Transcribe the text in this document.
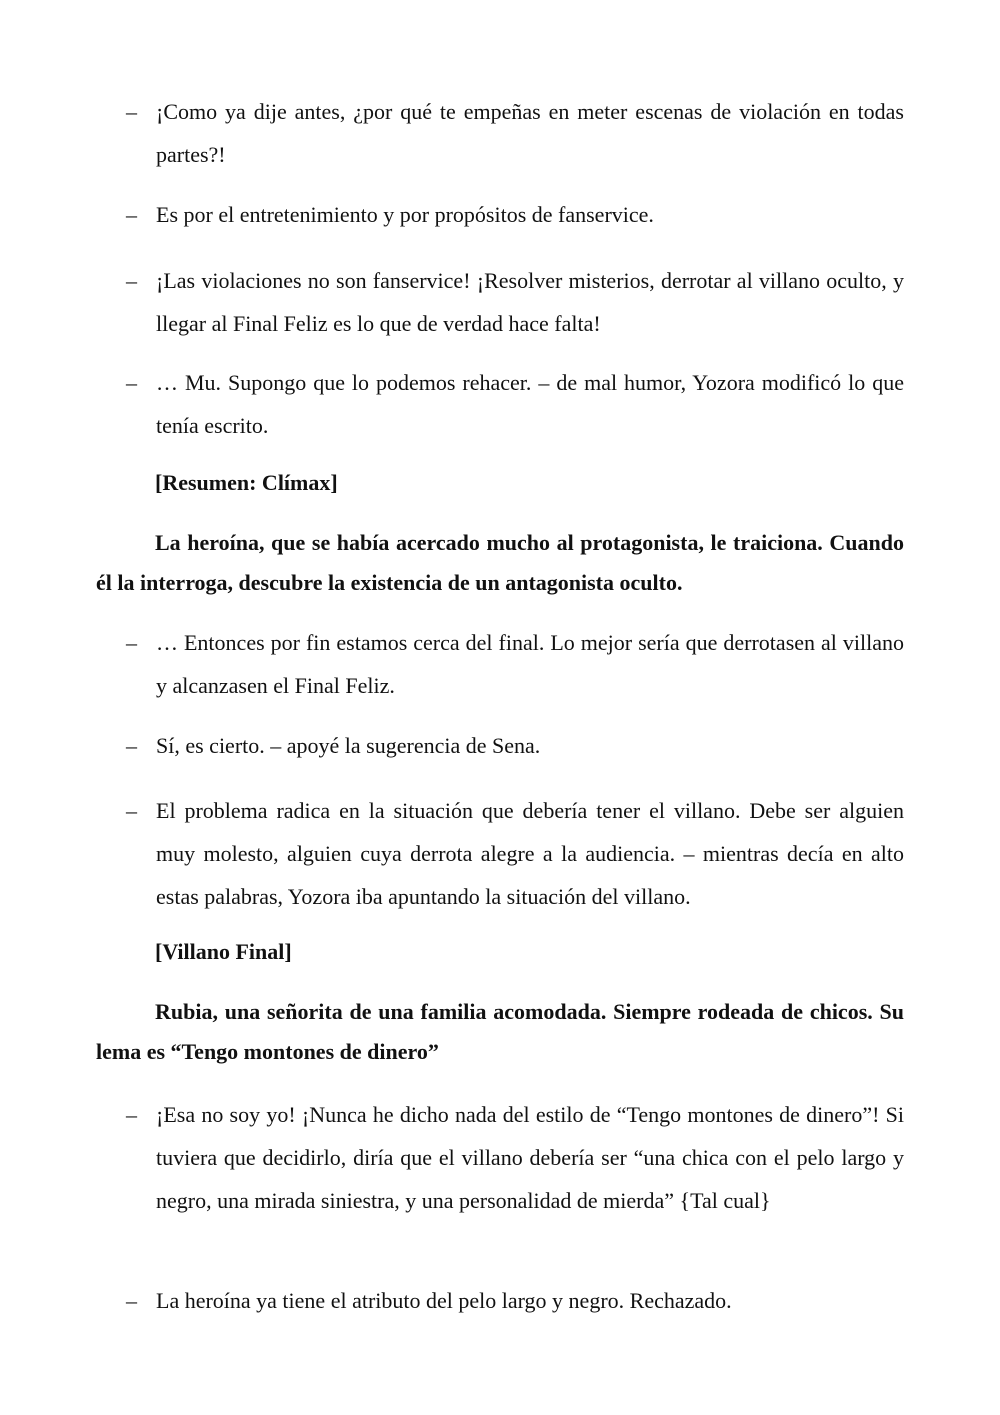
– ¡Como ya dije antes, ¿por qué te empeñas en meter escenas de violación en todas partes?!
– Es por el entretenimiento y por propósitos de fanservice.
– ¡Las violaciones no son fanservice! ¡Resolver misterios, derrotar al villano oculto, y llegar al Final Feliz es lo que de verdad hace falta!
– … Mu. Supongo que lo podemos rehacer. – de mal humor, Yozora modificó lo que tenía escrito.
[Resumen: Clímax]
La heroína, que se había acercado mucho al protagonista, le traiciona. Cuando él la interroga, descubre la existencia de un antagonista oculto.
– … Entonces por fin estamos cerca del final. Lo mejor sería que derrotasen al villano y alcanzasen el Final Feliz.
– Sí, es cierto. – apoyé la sugerencia de Sena.
– El problema radica en la situación que debería tener el villano. Debe ser alguien muy molesto, alguien cuya derrota alegre a la audiencia. – mientras decía en alto estas palabras, Yozora iba apuntando la situación del villano.
[Villano Final]
Rubia, una señorita de una familia acomodada. Siempre rodeada de chicos. Su lema es “Tengo montones de dinero”
– ¡Esa no soy yo! ¡Nunca he dicho nada del estilo de “Tengo montones de dinero”! Si tuviera que decidirlo, diría que el villano debería ser “una chica con el pelo largo y negro, una mirada siniestra, y una personalidad de mierda” {Tal cual}
– La heroína ya tiene el atributo del pelo largo y negro. Rechazado.
